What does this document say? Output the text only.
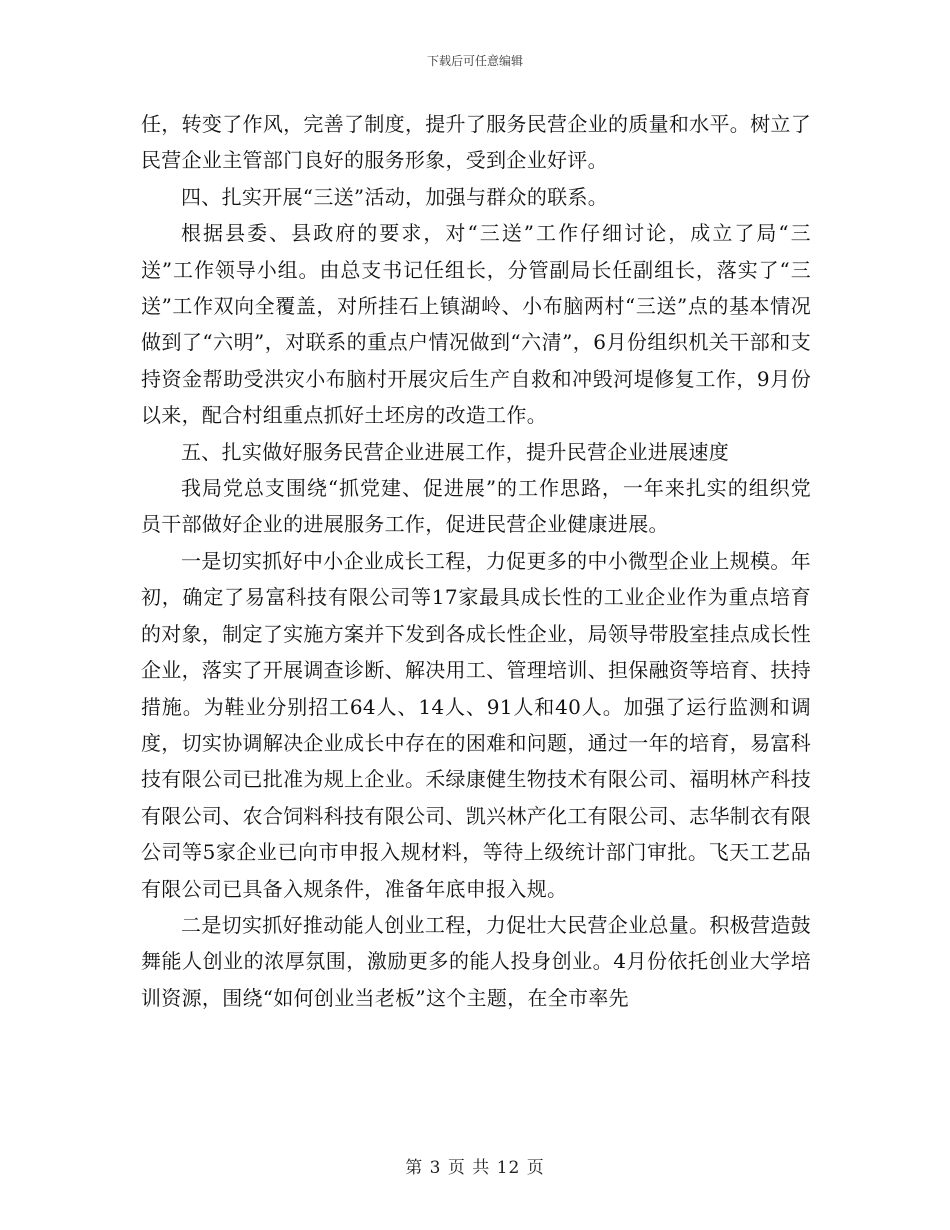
下载后可任意编辑

任，转变了作风，完善了制度，提升了服务民营企业的质量和水平。树立了民营企业主管部门良好的服务形象，受到企业好评。

四、扎实开展“三送”活动，加强与群众的联系。

根据县委、县政府的要求，对“三送”工作仔细讨论，成立了局“三送”工作领导小组。由总支书记任组长，分管副局长任副组长，落实了“三送”工作双向全覆盖，对所挂石上镇湖岭、小布脑两村“三送”点的基本情况做到了“六明”，对联系的重点户情况做到“六清”，6月份组织机关干部和支持资金帮助受洪灾小布脑村开展灾后生产自救和冲毁河堤修复工作，9月份以来，配合村组重点抓好土坯房的改造工作。

五、扎实做好服务民营企业进展工作，提升民营企业进展速度

我局党总支围绕“抓党建、促进展”的工作思路，一年来扎实的组织党员干部做好企业的进展服务工作，促进民营企业健康进展。

一是切实抓好中小企业成长工程，力促更多的中小微型企业上规模。年初，确定了易富科技有限公司等17家最具成长性的工业企业作为重点培育的对象，制定了实施方案并下发到各成长性企业，局领导带股室挂点成长性企业，落实了开展调查诊断、解决用工、管理培训、担保融资等培育、扶持措施。为鞋业分别招工64人、14人、91人和40人。加强了运行监测和调度，切实协调解决企业成长中存在的困难和问题，通过一年的培育，易富科技有限公司已批准为规上企业。禾绿康健生物技术有限公司、福明林产科技有限公司、农合饲料科技有限公司、凯兴林产化工有限公司、志华制衣有限公司等5家企业已向市申报入规材料，等待上级统计部门审批。飞天工艺品有限公司已具备入规条件，准备年底申报入规。

二是切实抓好推动能人创业工程，力促壮大民营企业总量。积极营造鼓舞能人创业的浓厚氛围，激励更多的能人投身创业。4月份依托创业大学培训资源，围绕“如何创业当老板”这个主题，在全市率先

第 3 页 共 12 页
